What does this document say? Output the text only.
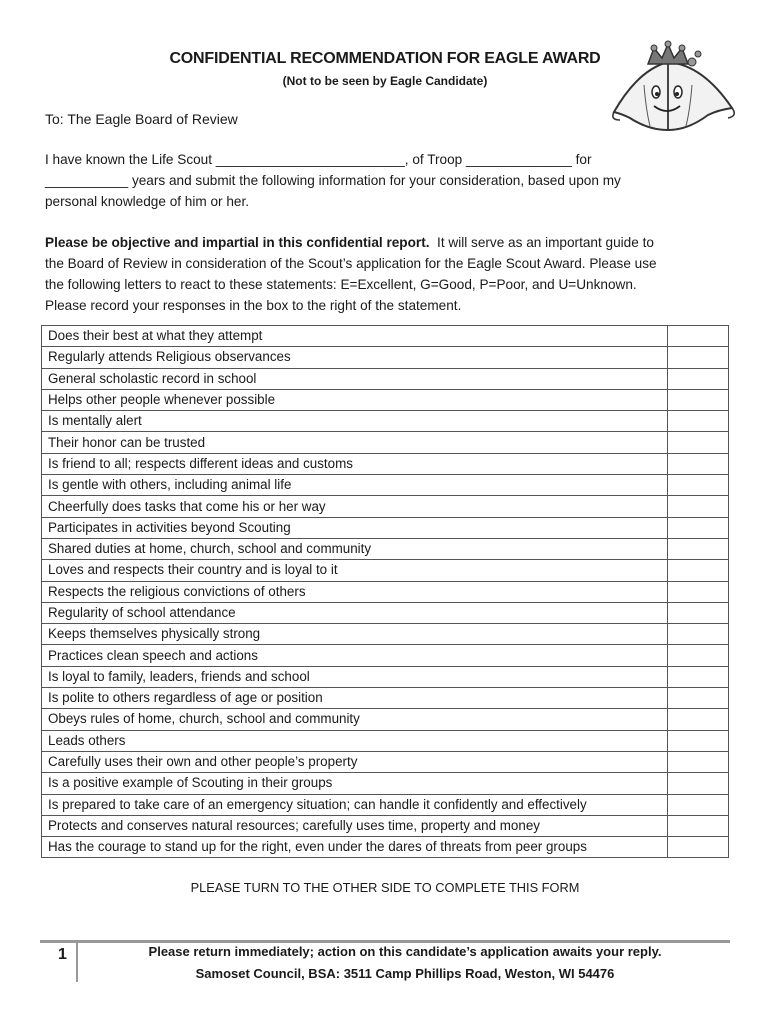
CONFIDENTIAL RECOMMENDATION FOR EAGLE AWARD
(Not to be seen by Eagle Candidate)
To: The Eagle Board of Review
I have known the Life Scout _________________________, of Troop ______________ for
___________ years and submit the following information for your consideration, based upon my
personal knowledge of him or her.
Please be objective and impartial in this confidential report.  It will serve as an important guide to
the Board of Review in consideration of the Scout’s application for the Eagle Scout Award. Please use
the following letters to react to these statements: E=Excellent, G=Good, P=Poor, and U=Unknown.
Please record your responses in the box to the right of the statement.
Does their best at what they attempt	
Regularly attends Religious observances	
General scholastic record in school	
Helps other people whenever possible	
Is mentally alert	
Their honor can be trusted	
Is friend to all; respects different ideas and customs	
Is gentle with others, including animal life	
Cheerfully does tasks that come his or her way	
Participates in activities beyond Scouting	
Shared duties at home, church, school and community	
Loves and respects their country and is loyal to it	
Respects the religious convictions of others	
Regularity of school attendance	
Keeps themselves physically strong	
Practices clean speech and actions	
Is loyal to family, leaders, friends and school	
Is polite to others regardless of age or position	
Obeys rules of home, church, school and community	
Leads others	
Carefully uses their own and other people’s property	
Is a positive example of Scouting in their groups	
Is prepared to take care of an emergency situation; can handle it confidently and effectively	
Protects and conserves natural resources; carefully uses time, property and money	
Has the courage to stand up for the right, even under the dares of threats from peer groups	
PLEASE TURN TO THE OTHER SIDE TO COMPLETE THIS FORM
1	Please return immediately; action on this candidate’s application awaits your reply.
Samoset Council, BSA: 3511 Camp Phillips Road, Weston, WI 54476
